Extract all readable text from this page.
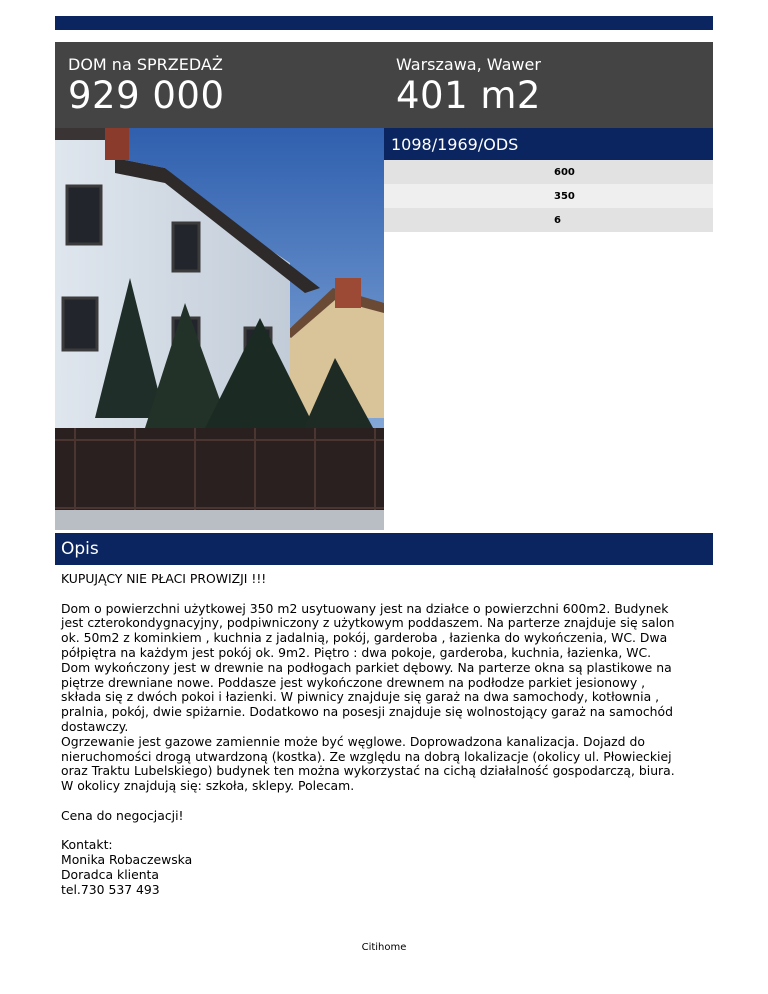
DOM na SPRZEDAŻ
929 000
Warszawa, Wawer
401 m2
1098/1969/ODS
600
350
6
Opis

KUPUJĄCY NIE PŁACI PROWIZJI !!!

Dom o powierzchni użytkowej 350 m2 usytuowany jest na działce o powierzchni 600m2. Budynek

jest czterokondygnacyjny, podpiwniczony z użytkowym poddaszem. Na parterze znajduje się salon

ok. 50m2 z kominkiem , kuchnia z jadalnią, pokój, garderoba , łazienka do wykończenia, WC. Dwa

półpiętra na każdym jest pokój ok. 9m2. Piętro : dwa pokoje, garderoba, kuchnia, łazienka, WC.

Dom wykończony jest w drewnie na podłogach parkiet dębowy. Na parterze okna są plastikowe na

piętrze drewniane nowe. Poddasze jest wykończone drewnem na podłodze parkiet jesionowy ,

składa się z dwóch pokoi i łazienki. W piwnicy znajduje się garaż na dwa samochody, kotłownia ,

pralnia, pokój, dwie spiżarnie. Dodatkowo na posesji znajduje się wolnostojący garaż na samochód

dostawczy.

Ogrzewanie jest gazowe zamiennie może być węglowe. Doprowadzona kanalizacja. Dojazd do

nieruchomości drogą utwardzoną (kostka). Ze względu na dobrą lokalizacje (okolicy ul. Płowieckiej

oraz Traktu Lubelskiego) budynek ten można wykorzystać na cichą działalność gospodarczą, biura.

W okolicy znajdują się: szkoła, sklepy. Polecam.

Cena do negocjacji!

Kontakt:

Monika Robaczewska

Doradca klienta

tel.730 537 493

Citihome
